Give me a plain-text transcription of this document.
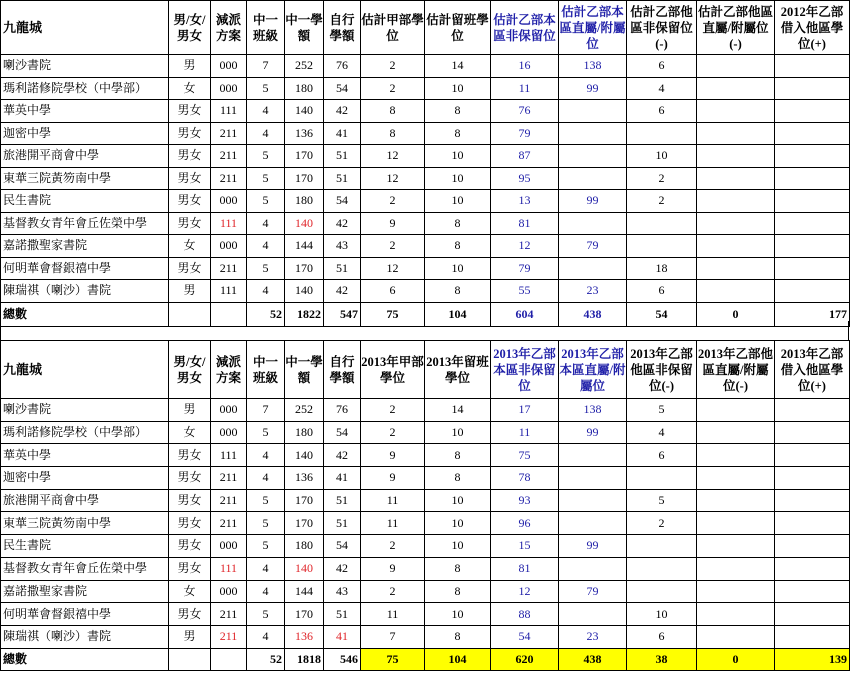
九龍城	男/女/男女	減派方案	中一班級	中一學額	自行學額	估計甲部學位	估計留班學位	估計乙部本區非保留位	估計乙部本區直屬/附屬位	估計乙部他區非保留位(-)	估計乙部他區直屬/附屬位(-)	2012年乙部借入他區學位(+)
喇沙書院	男	000	7	252	76	2	14	16	138	6		
瑪利諾修院學校（中學部）	女	000	5	180	54	2	10	11	99	4		
華英中學	男女	111	4	140	42	8	8	76		6		
迦密中學	男女	211	4	136	41	8	8	79				
旅港開平商會中學	男女	211	5	170	51	12	10	87		10		
東華三院黃笏南中學	男女	211	5	170	51	12	10	95		2		
民生書院	男女	000	5	180	54	2	10	13	99	2		
基督教女青年會丘佐榮中學	男女	111	4	140	42	9	8	81				
嘉諾撒聖家書院	女	000	4	144	43	2	8	12	79			
何明華會督銀禧中學	男女	211	5	170	51	12	10	79		18		
陳瑞祺（喇沙）書院	男	111	4	140	42	6	8	55	23	6		
總數			52	1822	547	75	104	604	438	54	0	177
九龍城	男/女/男女	減派方案	中一班級	中一學額	自行學額	2013年甲部學位	2013年留班學位	2013年乙部本區非保留位	2013年乙部本區直屬/附屬位	2013年乙部他區非保留位(-)	2013年乙部他區直屬/附屬位(-)	2013年乙部借入他區學位(+)
喇沙書院	男	000	7	252	76	2	14	17	138	5		
瑪利諾修院學校（中學部）	女	000	5	180	54	2	10	11	99	4		
華英中學	男女	111	4	140	42	9	8	75		6		
迦密中學	男女	211	4	136	41	9	8	78				
旅港開平商會中學	男女	211	5	170	51	11	10	93		5		
東華三院黃笏南中學	男女	211	5	170	51	11	10	96		2		
民生書院	男女	000	5	180	54	2	10	15	99			
基督教女青年會丘佐榮中學	男女	111	4	140	42	9	8	81				
嘉諾撒聖家書院	女	000	4	144	43	2	8	12	79			
何明華會督銀禧中學	男女	211	5	170	51	11	10	88		10		
陳瑞祺（喇沙）書院	男	211	4	136	41	7	8	54	23	6		
總數			52	1818	546	75	104	620	438	38	0	139
